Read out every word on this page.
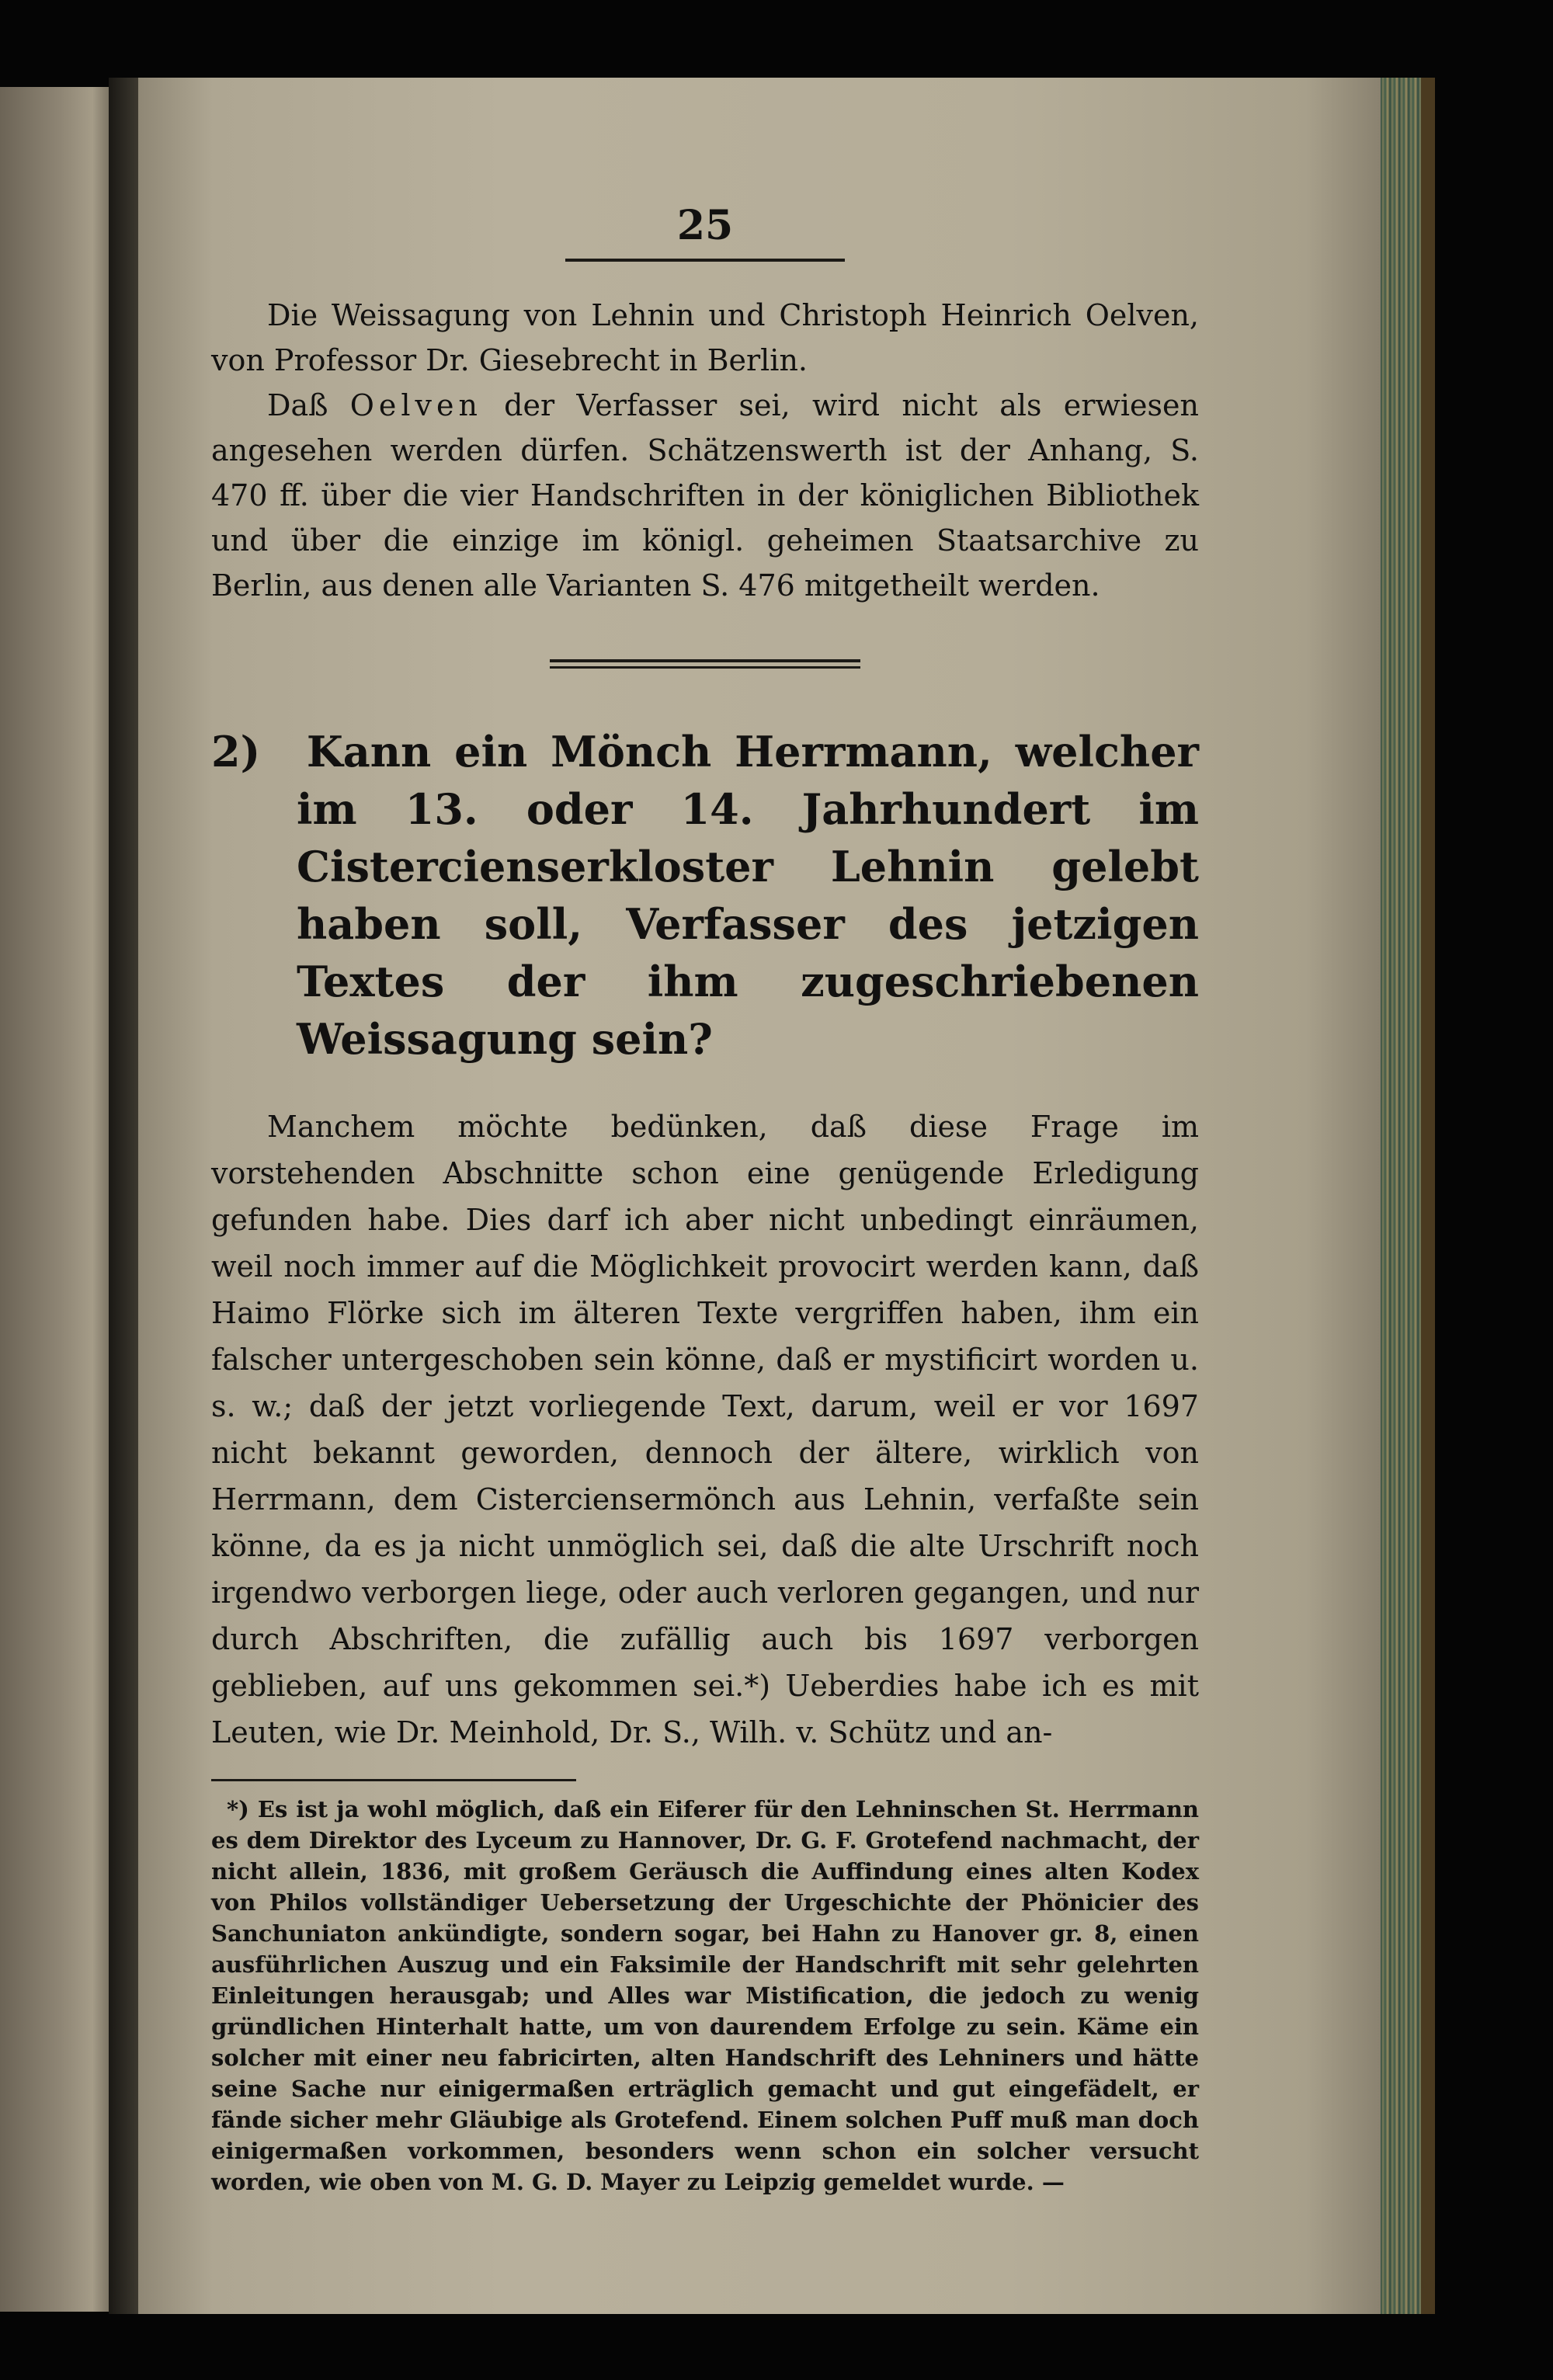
25

Die Weissagung von Lehnin und Christoph Heinrich Oelven, von Professor Dr. Giesebrecht in Berlin.

Daß Oelven der Verfasser sei, wird nicht als erwiesen angesehen werden dürfen. Schätzenswerth ist der Anhang, S. 470 ff. über die vier Handschriften in der königlichen Bibliothek und über die einzige im königl. geheimen Staatsarchive zu Berlin, aus denen alle Varianten S. 476 mitgetheilt werden.

2) Kann ein Mönch Herrmann, welcher im 13. oder 14. Jahrhundert im Cistercienserkloster Lehnin gelebt haben soll, Verfasser des jetzigen Textes der ihm zugeschriebenen Weissagung sein?

Manchem möchte bedünken, daß diese Frage im vorstehenden Abschnitte schon eine genügende Erledigung gefunden habe. Dies darf ich aber nicht unbedingt einräumen, weil noch immer auf die Möglichkeit provocirt werden kann, daß Haimo Flörke sich im älteren Texte vergriffen haben, ihm ein falscher untergeschoben sein könne, daß er mystificirt worden u. s. w.; daß der jetzt vorliegende Text, darum, weil er vor 1697 nicht bekannt geworden, dennoch der ältere, wirklich von Herrmann, dem Cisterciensermönch aus Lehnin, verfaßte sein könne, da es ja nicht unmöglich sei, daß die alte Urschrift noch irgendwo verborgen liege, oder auch verloren gegangen, und nur durch Abschriften, die zufällig auch bis 1697 verborgen geblieben, auf uns gekommen sei.*) Ueberdies habe ich es mit Leuten, wie Dr. Meinhold, Dr. S., Wilh. v. Schütz und an-

*) Es ist ja wohl möglich, daß ein Eiferer für den Lehninschen St. Herrmann es dem Direktor des Lyceum zu Hannover, Dr. G. F. Grotefend nachmacht, der nicht allein, 1836, mit großem Geräusch die Auffindung eines alten Kodex von Philos vollständiger Uebersetzung der Urgeschichte der Phönicier des Sanchuniaton ankündigte, sondern sogar, bei Hahn zu Hanover gr. 8, einen ausführlichen Auszug und ein Faksimile der Handschrift mit sehr gelehrten Einleitungen herausgab; und Alles war Mistification, die jedoch zu wenig gründlichen Hinterhalt hatte, um von daurendem Erfolge zu sein. Käme ein solcher mit einer neu fabricirten, alten Handschrift des Lehniners und hätte seine Sache nur einigermaßen erträglich gemacht und gut eingefädelt, er fände sicher mehr Gläubige als Grotefend. Einem solchen Puff muß man doch einigermaßen vorkommen, besonders wenn schon ein solcher versucht worden, wie oben von M. G. D. Mayer zu Leipzig gemeldet wurde. —
